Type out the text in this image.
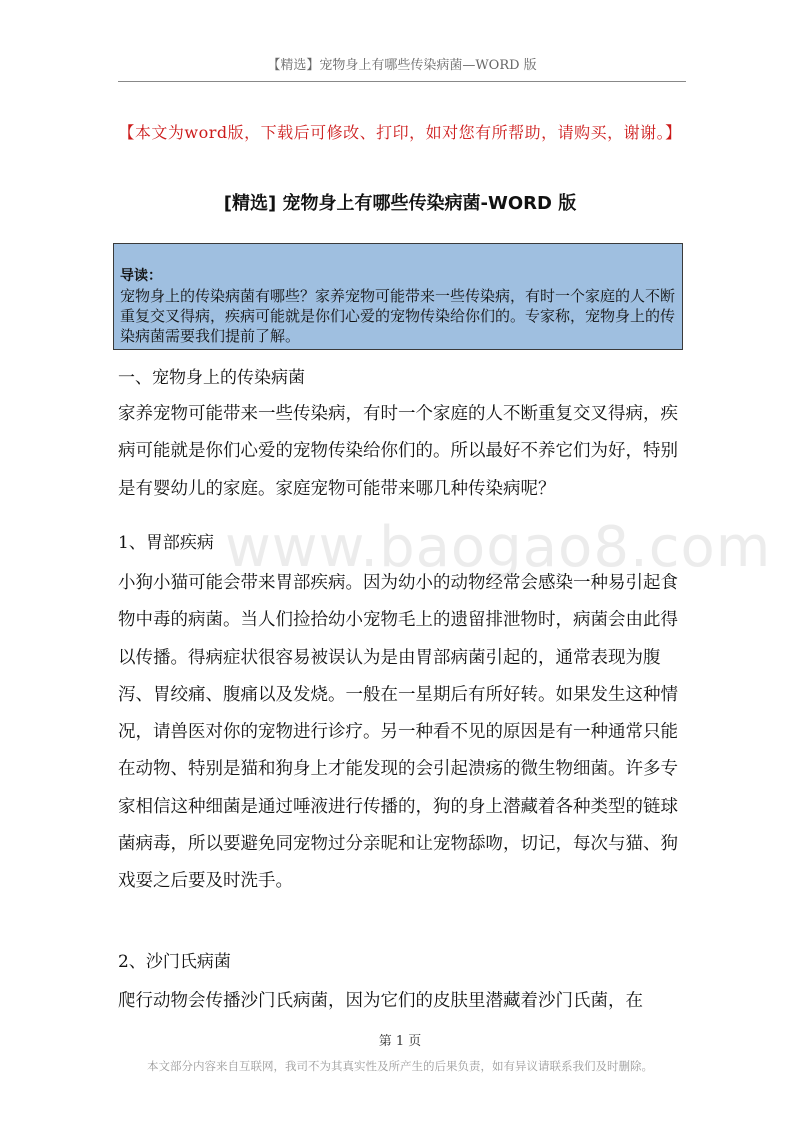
【精选】宠物身上有哪些传染病菌—WORD 版
【本文为word版，下载后可修改、打印，如对您有所帮助，请购买，谢谢。】
[精选] 宠物身上有哪些传染病菌-WORD 版
导读：
宠物身上的传染病菌有哪些？家养宠物可能带来一些传染病，有时一个家庭的人不断重复交叉得病，疾病可能就是你们心爱的宠物传染给你们的。专家称，宠物身上的传染病菌需要我们提前了解。
一、宠物身上的传染病菌
家养宠物可能带来一些传染病，有时一个家庭的人不断重复交叉得病，疾病可能就是你们心爱的宠物传染给你们的。所以最好不养它们为好，特别是有婴幼儿的家庭。家庭宠物可能带来哪几种传染病呢？
1、胃部疾病
小狗小猫可能会带来胃部疾病。因为幼小的动物经常会感染一种易引起食物中毒的病菌。当人们捡拾幼小宠物毛上的遗留排泄物时，病菌会由此得以传播。得病症状很容易被误认为是由胃部病菌引起的，通常表现为腹泻、胃绞痛、腹痛以及发烧。一般在一星期后有所好转。如果发生这种情况，请兽医对你的宠物进行诊疗。另一种看不见的原因是有一种通常只能在动物、特别是猫和狗身上才能发现的会引起溃疡的微生物细菌。许多专家相信这种细菌是通过唾液进行传播的，狗的身上潜藏着各种类型的链球菌病毒，所以要避免同宠物过分亲昵和让宠物舔吻，切记，每次与猫、狗戏耍之后要及时洗手。
2、沙门氏病菌
爬行动物会传播沙门氏病菌，因为它们的皮肤里潜藏着沙门氏菌，在
www.baogao8.com
第 1 页
本文部分内容来自互联网，我司不为其真实性及所产生的后果负责，如有异议请联系我们及时删除。
